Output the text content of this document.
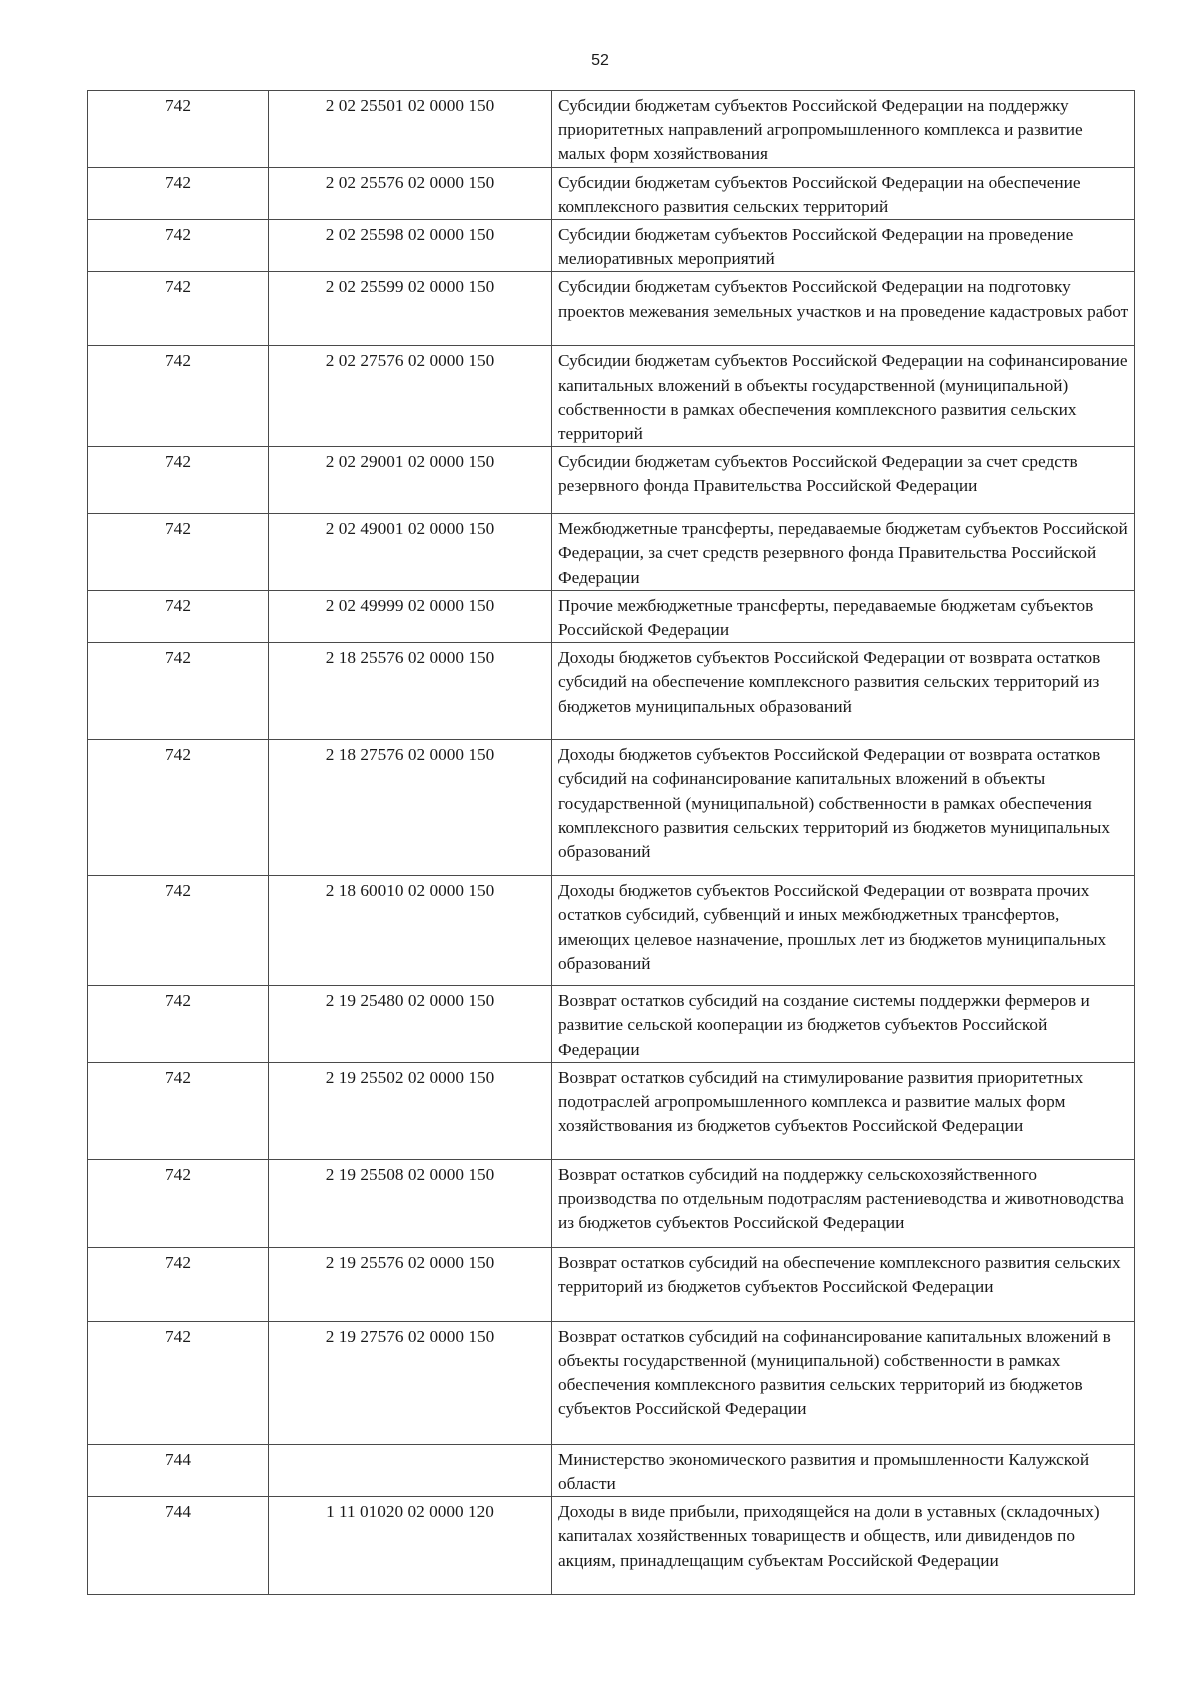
52
742	2 02 25501 02 0000 150	Субсидии бюджетам субъектов Российской Федерации на поддержку приоритетных направлений агропромышленного комплекса и развитие малых форм хозяйствования
742	2 02 25576 02 0000 150	Субсидии бюджетам субъектов Российской Федерации на обеспечение комплексного развития сельских территорий
742	2 02 25598 02 0000 150	Субсидии бюджетам субъектов Российской Федерации на проведение мелиоративных мероприятий
742	2 02 25599 02 0000 150	Субсидии бюджетам субъектов Российской Федерации на подготовку проектов межевания земельных участков и на проведение кадастровых работ
742	2 02 27576 02 0000 150	Субсидии бюджетам субъектов Российской Федерации на софинансирование капитальных вложений в объекты государственной (муниципальной) собственности в рамках обеспечения комплексного развития сельских территорий
742	2 02 29001 02 0000 150	Субсидии бюджетам субъектов Российской Федерации за счет средств резервного фонда Правительства Российской Федерации
742	2 02 49001 02 0000 150	Межбюджетные трансферты, передаваемые бюджетам субъектов Российской Федерации, за счет средств резервного фонда Правительства Российской Федерации
742	2 02 49999 02 0000 150	Прочие межбюджетные трансферты, передаваемые бюджетам субъектов Российской Федерации
742	2 18 25576 02 0000 150	Доходы бюджетов субъектов Российской Федерации от возврата остатков субсидий на обеспечение комплексного развития сельских территорий из бюджетов муниципальных образований
742	2 18 27576 02 0000 150	Доходы бюджетов субъектов Российской Федерации от возврата остатков субсидий на софинансирование капитальных вложений в объекты государственной (муниципальной) собственности в рамках обеспечения комплексного развития сельских территорий из бюджетов муниципальных образований
742	2 18 60010 02 0000 150	Доходы бюджетов субъектов Российской Федерации от возврата прочих остатков субсидий, субвенций и иных межбюджетных трансфертов, имеющих целевое назначение, прошлых лет из бюджетов муниципальных образований
742	2 19 25480 02 0000 150	Возврат остатков субсидий на создание системы поддержки фермеров и развитие сельской кооперации из бюджетов субъектов Российской Федерации
742	2 19 25502 02 0000 150	Возврат остатков субсидий на стимулирование развития приоритетных подотраслей агропромышленного комплекса и развитие малых форм хозяйствования из бюджетов субъектов Российской Федерации
742	2 19 25508 02 0000 150	Возврат остатков субсидий на поддержку сельскохозяйственного производства по отдельным подотраслям растениеводства и животноводства из бюджетов субъектов Российской Федерации
742	2 19 25576 02 0000 150	Возврат остатков субсидий на обеспечение комплексного развития сельских территорий из бюджетов субъектов Российской Федерации
742	2 19 27576 02 0000 150	Возврат остатков субсидий на софинансирование капитальных вложений в объекты государственной (муниципальной) собственности в рамках обеспечения комплексного развития сельских территорий из бюджетов субъектов Российской Федерации
744		Министерство экономического развития и промышленности Калужской области
744	1 11 01020 02 0000 120	Доходы в виде прибыли, приходящейся на доли в уставных (складочных) капиталах хозяйственных товариществ и обществ, или дивидендов по акциям, принадлещащим субъектам Российской Федерации
